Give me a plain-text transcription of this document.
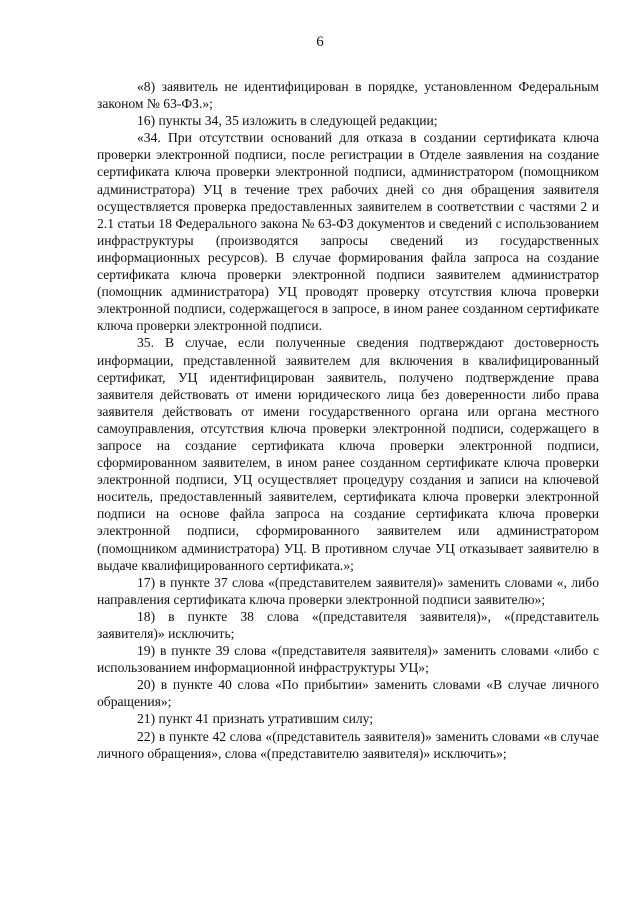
6

«8) заявитель не идентифицирован в порядке, установленном Федеральным законом № 63-ФЗ.»;

16) пункты 34, 35 изложить в следующей редакции;

«34. При отсутствии оснований для отказа в создании сертификата ключа проверки электронной подписи, после регистрации в Отделе заявления на создание сертификата ключа проверки электронной подписи, администратором (помощником администратора) УЦ в течение трех рабочих дней со дня обращения заявителя осуществляется проверка предоставленных заявителем в соответствии с частями 2 и 2.1 статьи 18 Федерального закона № 63-ФЗ документов и сведений с использованием инфраструктуры (производятся запросы сведений из государственных информационных ресурсов). В случае формирования файла запроса на создание сертификата ключа проверки электронной подписи заявителем администратор (помощник администратора) УЦ проводят проверку отсутствия ключа проверки электронной подписи, содержащегося в запросе, в ином ранее созданном сертификате ключа проверки электронной подписи.

35. В случае, если полученные сведения подтверждают достоверность информации, представленной заявителем для включения в квалифицированный сертификат, УЦ идентифицирован заявитель, получено подтверждение права заявителя действовать от имени юридического лица без доверенности либо права заявителя действовать от имени государственного органа или органа местного самоуправления, отсутствия ключа проверки электронной подписи, содержащего в запросе на создание сертификата ключа проверки электронной подписи, сформированном заявителем, в ином ранее созданном сертификате ключа проверки электронной подписи, УЦ осуществляет процедуру создания и записи на ключевой носитель, предоставленный заявителем, сертификата ключа проверки электронной подписи на основе файла запроса на создание сертификата ключа проверки электронной подписи, сформированного заявителем или администратором (помощником администратора) УЦ. В противном случае УЦ отказывает заявителю в выдаче квалифицированного сертификата.»;

17) в пункте 37 слова «(представителем заявителя)» заменить словами «, либо направления сертификата ключа проверки электронной подписи заявителю»;

18) в пункте 38 слова «(представителя заявителя)», «(представитель заявителя)» исключить;

19) в пункте 39 слова «(представителя заявителя)» заменить словами «либо с использованием информационной инфраструктуры УЦ»;

20) в пункте 40 слова «По прибытии» заменить словами «В случае личного обращения»;

21) пункт 41 признать утратившим силу;

22) в пункте 42 слова «(представитель заявителя)» заменить словами «в случае личного обращения», слова «(представителю заявителя)» исключить»;
